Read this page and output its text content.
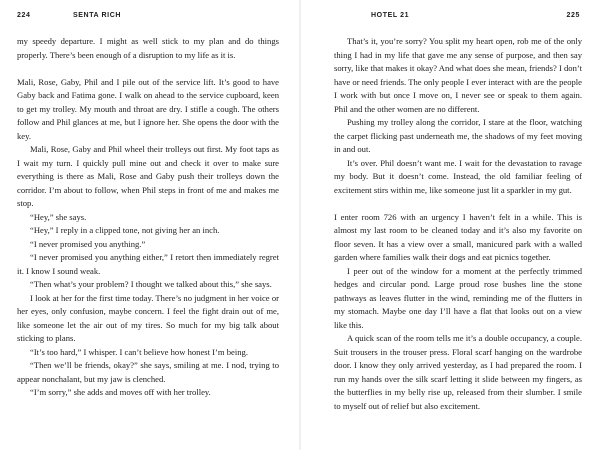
224	SENTA RICH

my speedy departure. I might as well stick to my plan and do things properly. There’s been enough of a disruption to my life as it is.

Mali, Rose, Gaby, Phil and I pile out of the service lift. It’s good to have Gaby back and Fatima gone. I walk on ahead to the service cupboard, keen to get my trolley. My mouth and throat are dry. I stifle a cough. The others follow and Phil glances at me, but I ignore her. She opens the door with the key.

Mali, Rose, Gaby and Phil wheel their trolleys out first. My foot taps as I wait my turn. I quickly pull mine out and check it over to make sure everything is there as Mali, Rose and Gaby push their trolleys down the corridor. I’m about to follow, when Phil steps in front of me and makes me stop.

“Hey,” she says.

“Hey,” I reply in a clipped tone, not giving her an inch.

“I never promised you anything.”

“I never promised you anything either,” I retort then immediately regret it. I know I sound weak.

“Then what’s your problem? I thought we talked about this,” she says.

I look at her for the first time today. There’s no judgment in her voice or her eyes, only confusion, maybe concern. I feel the fight drain out of me, like someone let the air out of my tires. So much for my big talk about sticking to plans.

“It’s too hard,” I whisper. I can’t believe how honest I’m being.

“Then we’ll be friends, okay?” she says, smiling at me. I nod, trying to appear nonchalant, but my jaw is clenched.

“I’m sorry,” she adds and moves off with her trolley.

HOTEL 21	225

That’s it, you’re sorry? You split my heart open, rob me of the only thing I had in my life that gave me any sense of purpose, and then say sorry, like that makes it okay? And what does she mean, friends? I don’t have or need friends. The only people I ever interact with are the people I work with but once I move on, I never see or speak to them again. Phil and the other women are no different.

Pushing my trolley along the corridor, I stare at the floor, watching the carpet flicking past underneath me, the shadows of my feet moving in and out.

It’s over. Phil doesn’t want me. I wait for the devastation to ravage my body. But it doesn’t come. Instead, the old familiar feeling of excitement stirs within me, like someone just lit a sparkler in my gut.

I enter room 726 with an urgency I haven’t felt in a while. This is almost my last room to be cleaned today and it’s also my favorite on floor seven. It has a view over a small, manicured park with a walled garden where families walk their dogs and eat picnics together.

I peer out of the window for a moment at the perfectly trimmed hedges and circular pond. Large proud rose bushes line the stone pathways as leaves flutter in the wind, reminding me of the flutters in my stomach. Maybe one day I’ll have a flat that looks out on a view like this.

A quick scan of the room tells me it’s a double occupancy, a couple. Suit trousers in the trouser press. Floral scarf hanging on the wardrobe door. I know they only arrived yesterday, as I had prepared the room. I run my hands over the silk scarf letting it slide between my fingers, as the butterflies in my belly rise up, released from their slumber. I smile to myself out of relief but also excitement.
